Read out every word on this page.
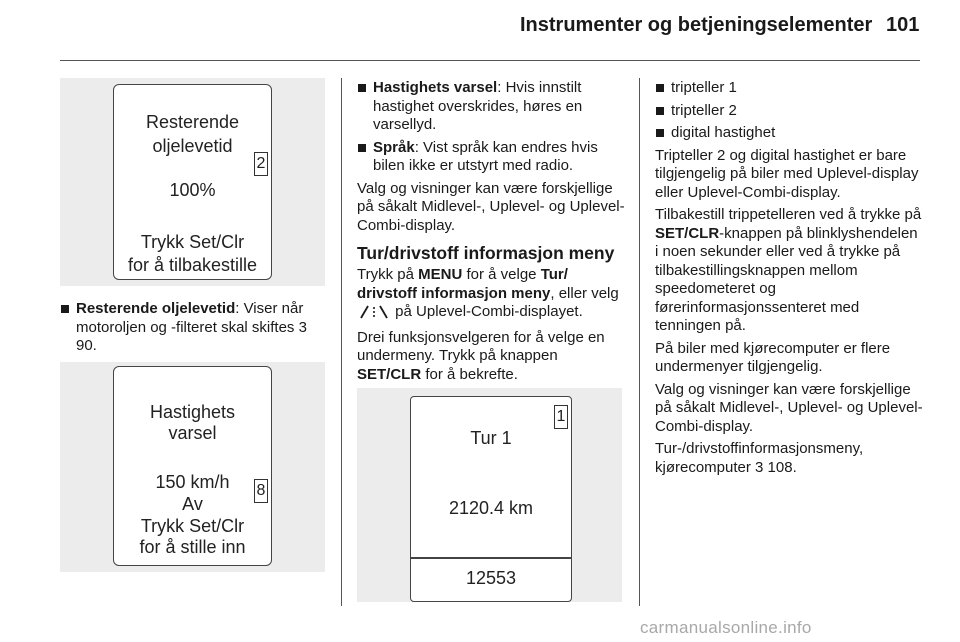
Instrumenter og betjeningselementer 101
Resterende
oljelevetid
2
100%
Trykk Set/Clr
for å tilbakestille
Resterende oljelevetid: Viser når motoroljen og -filteret skal skiftes 3 90.
Hastighets
varsel
150 km/h
Av
8
Trykk Set/Clr
for å stille inn
Hastighets varsel: Hvis innstilt hastighet overskrides, høres en varsellyd.
Språk: Vist språk kan endres hvis bilen ikke er utstyrt med radio.

Valg og visninger kan være forskjellige på såkalt Midlevel-, Uplevel- og Uplevel-Combi-display.

Tur/drivstoff informasjon meny

Trykk på MENU for å velge Tur/ drivstoff informasjon meny, eller velg
på Uplevel-Combi-displayet.

Drei funksjonsvelgeren for å velge en undermeny. Trykk på knappen SET/CLR for å bekrefte.

1
Tur 1
2120.4 km
12553
tripteller 1
tripteller 2
digital hastighet

Tripteller 2 og digital hastighet er bare tilgjengelig på biler med Uplevel-display eller Uplevel-Combi-display.

Tilbakestill trippetelleren ved å trykke på SET/CLR-knappen på blinklyshendelen i noen sekunder eller ved å trykke på tilbakestillingsknappen mellom speedometeret og førerinformasjonssenteret med tenningen på.

På biler med kjørecomputer er flere undermenyer tilgjengelig.

Valg og visninger kan være forskjellige på såkalt Midlevel-, Uplevel- og Uplevel-Combi-display.

Tur-/drivstoffinformasjonsmeny, kjørecomputer 3 108.

carmanualsonline.info
